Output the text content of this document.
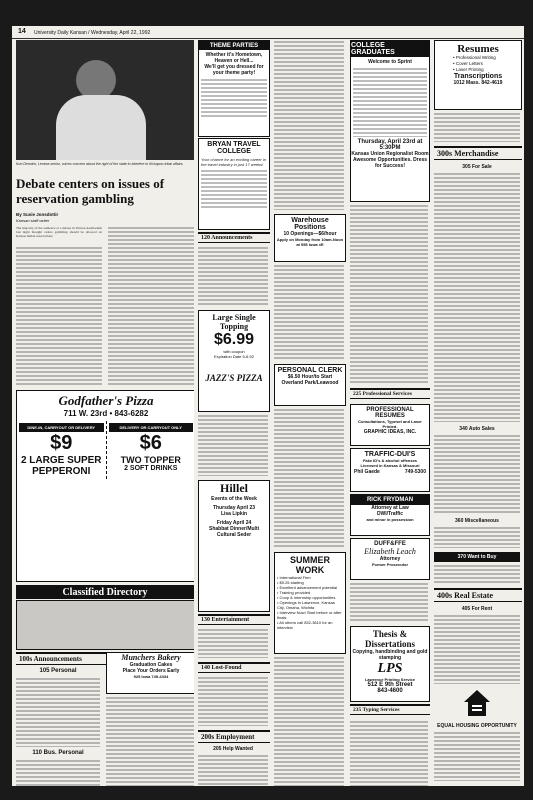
14 University Daily Kansan / Wednesday, April 22, 1992
Kurt Dennick, Lenexa senior, voices concern about the right of the state to interfere in Kickapoo tribal affairs.
Debate centers on issues of reservation gambling
By Susie Jonsdottir
Kansan staff writer
The majority of the audience at a debate in Warren Auditorium last night thought casino gambling should be allowed on Kansas Indian reservations.
Godfather's Pizza
711 W. 23rd • 843-6282
DINE-IN, CARRYOUT OR DELIVERY
$9
2 LARGE SUPER PEPPERONI
DELIVERY OR CARRYOUT ONLY
$6
TWO TOPPER
2 SOFT DRINKS
Classified Directory
100s Announcements
105 Personal
110 Bus. Personal
Munchers Bakery
Graduation Cakes
Place Your Orders Early
925 Iowa 749-4334
THEME PARTIES
Whether it's Hometown, Heaven or Hell...
We'll get you dressed for your theme party!
BRYAN TRAVEL COLLEGE
Your chance for an exciting career in the travel industry in just 17 weeks!
120 Announcements
Large Single Topping
$6.99
with coupon
Expiration Date 5-6-92
JAZZ'S PIZZA
Hillel
Events of the Week
Thursday April 23
Lisa Lipkin
Friday April 24
Shabbat Dinner/Multi Cultural Seder
130 Entertainment
140 Lost-Found
200s Employment
205 Help Wanted
Warehouse Positions
10 Openings—$6/hour
Apply on Monday from 10am-Noon at 955 Iowa #E
PERSONAL CLERK
$6.50 Hour/to Start
Overland Park/Leawood
SUMMER WORK
• International Firm
• $9.25 starting
• Excellent advancement potential
• Training provided
• Coop & internship opportunities
• Openings in Lawrence, Kansas City, Omaha, Wichita
• Interview Now! Start before or after finals
• All others call 832-3610 for an interview
COLLEGE GRADUATES
Welcome to Sprint
Thursday, April 23rd at 5:30PM
Kansas Union Regionalist Room
Awesome Opportunities. Dress for Success!
225 Professional Services
PROFESSIONAL RESUMES
Consultations, Typeset and Laser Printed.
GRAPHIC IDEAS, INC.
TRAFFIC-DUI'S
Fake ID's & alcohol offenses
Licensed in Kansas & Missouri
Phil Gaede	749-5300
RICK FRYDMAN
Attorney at Law
DWI/Traffic
and minor in possession
DUFF&FFE
Elizabeth Leach
Attorney
Former Prosecutor
Thesis & Dissertations
Copying, handbinding and gold stamping
LPS
Lawrence Printing Service
512 E 9th Street
843-4600
235 Typing Services
Resumes
• Professional Writing
• Cover Letters
• Laser Printing
Transcriptions
1012 Mass. 842-4619
300s Merchandise
305 For Sale
340 Auto Sales
360 Miscellaneous
370 Want to Buy
400s Real Estate
405 For Rent
EQUAL HOUSING OPPORTUNITY
